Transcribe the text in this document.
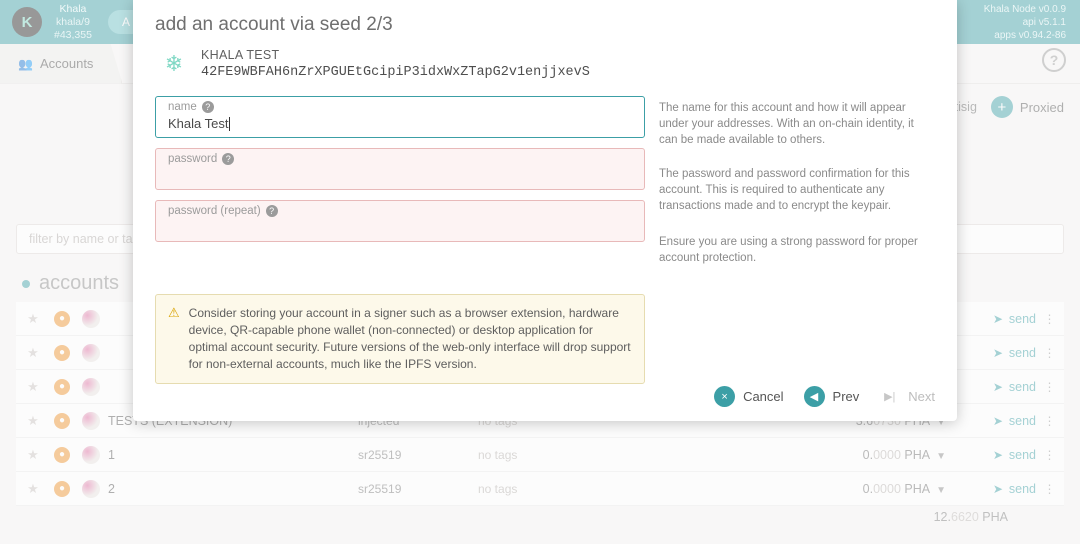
add an account via seed 2/3
❄	KHALA TEST
42FE9WBFAH6nZrXPGUEtGcipiP3idxWxZTapG2v1enjjxevS
name ?
Khala Test
password ?
password (repeat) ?

The name for this account and how it will appear under your addresses. With an on-chain identity, it can be made available to others.

The password and password confirmation for this account. This is required to authenticate any transactions made and to encrypt the keypair.

Ensure you are using a strong password for proper account protection.

⚠ Consider storing your account in a signer such as a browser extension, hardware device, QR-capable phone wallet (non-connected) or desktop application for optimal account security. Future versions of the web-only interface will drop support for non-external accounts, much like the IPFS version.
× Cancel ◀ Prev ▶| Next
